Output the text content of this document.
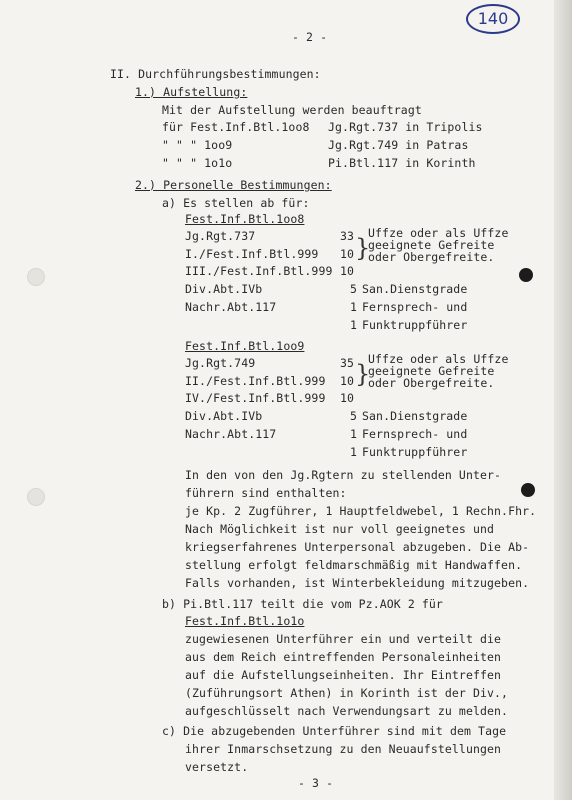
140
- 2 -
II. Durchführungsbestimmungen:
1.) Aufstellung:
Mit der Aufstellung werden beauftragt
für Fest.Inf.Btl.1oo8 Jg.Rgt.737 in Tripolis
" " " 1oo9	Jg.Rgt.749 in Patras
" " " 1o1o	Pi.Btl.117 in Korinth
2.) Personelle Bestimmungen:
a) Es stellen ab für:
Fest.Inf.Btl.1oo8
Jg.Rgt.737	33
I./Fest.Inf.Btl.999 10
III./Fest.Inf.Btl.999 10
}
Uffze oder als Uffze
geeignete Gefreite
oder Obergefreite.
Div.Abt.IVb	5 San.Dienstgrade
Nachr.Abt.117	1 Fernsprech- und
1 Funktruppführer
Fest.Inf.Btl.1oo9
Jg.Rgt.749	35
II./Fest.Inf.Btl.999 10
IV./Fest.Inf.Btl.999 10
}
Uffze oder als Uffze
geeignete Gefreite
oder Obergefreite.
Div.Abt.IVb	5 San.Dienstgrade
Nachr.Abt.117	1 Fernsprech- und
1 Funktruppführer
In den von den Jg.Rgtern zu stellenden Unter-
führern sind enthalten:
je Kp. 2 Zugführer, 1 Hauptfeldwebel, 1 Rechn.Fhr.
Nach Möglichkeit ist nur voll geeignetes und
kriegserfahrenes Unterpersonal abzugeben. Die Ab-
stellung erfolgt feldmarschmäßig mit Handwaffen.
Falls vorhanden, ist Winterbekleidung mitzugeben.
b) Pi.Btl.117 teilt die vom Pz.AOK 2 für
Fest.Inf.Btl.1o1o
zugewiesenen Unterführer ein und verteilt die
aus dem Reich eintreffenden Personaleinheiten
auf die Aufstellungseinheiten. Ihr Eintreffen
(Zuführungsort Athen) in Korinth ist der Div.,
aufgeschlüsselt nach Verwendungsart zu melden.
c) Die abzugebenden Unterführer sind mit dem Tage
ihrer Inmarschsetzung zu den Neuaufstellungen
versetzt.
- 3 -
